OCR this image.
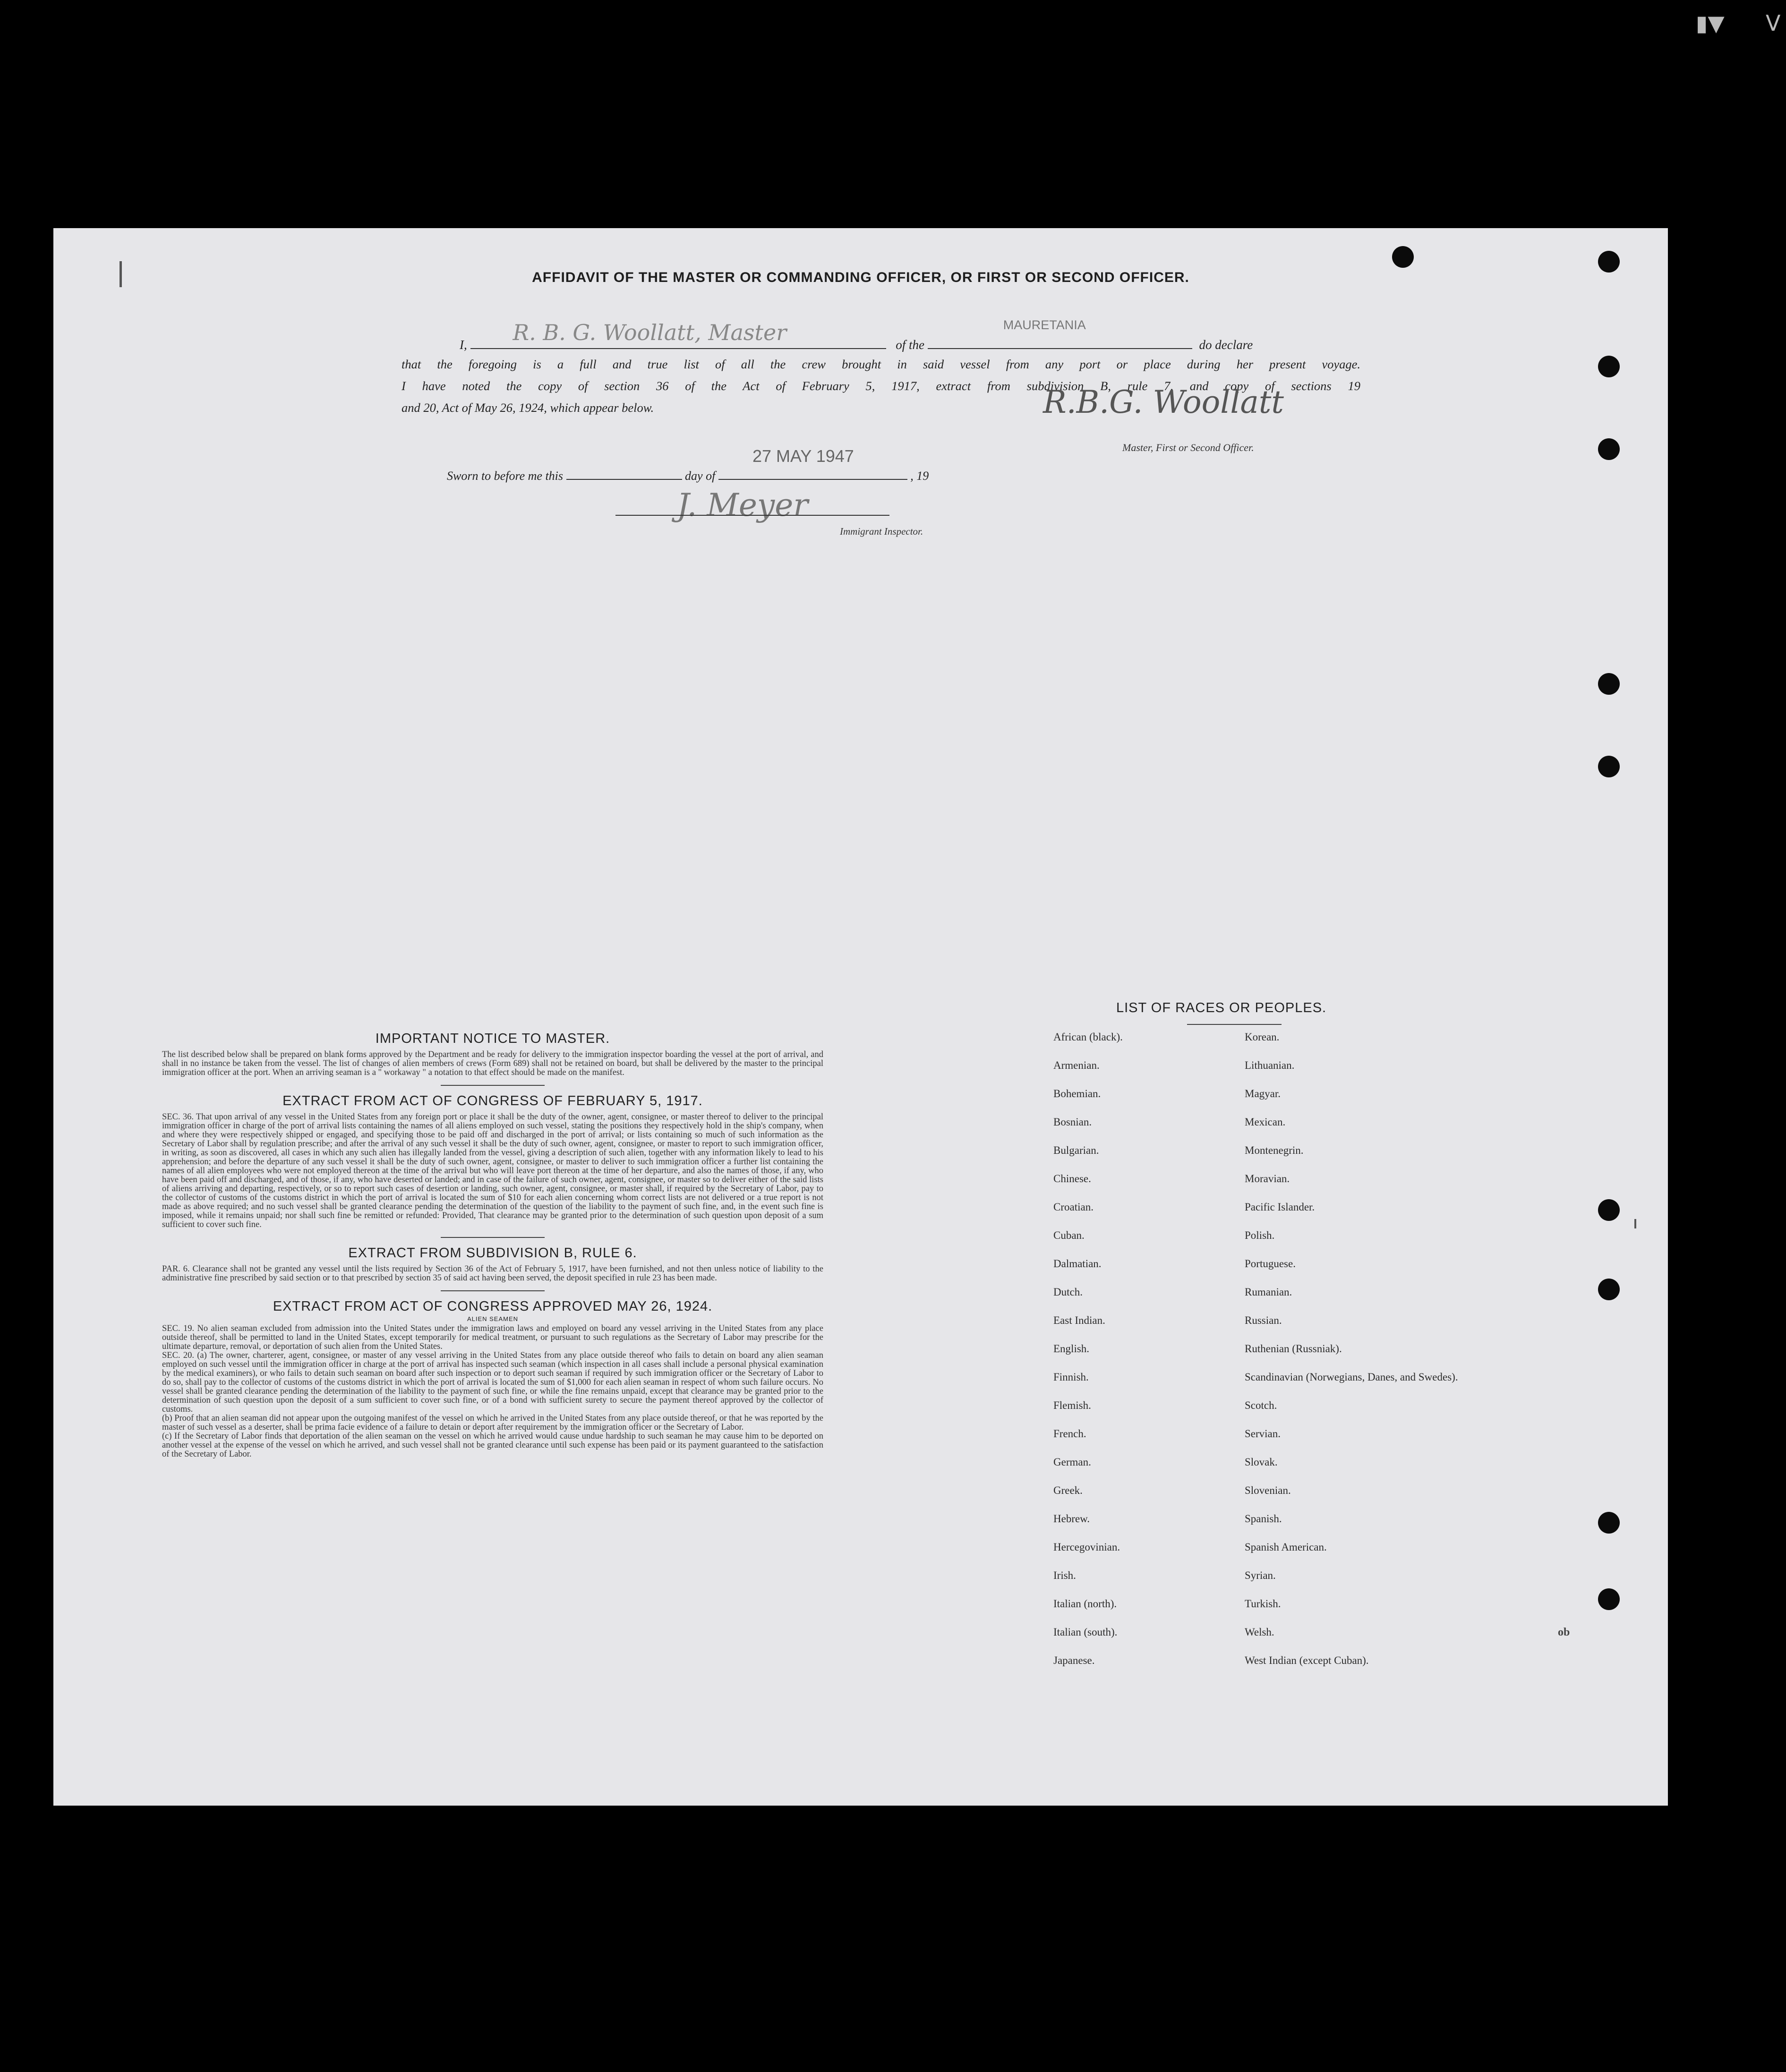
▮▼ V
ob
AFFIDAVIT OF THE MASTER OR COMMANDING OFFICER, OR FIRST OR SECOND OFFICER.
I, R. B. G. Woollatt, Master	of the
MAURETANIA
do declare
that the foregoing is a full and true list of all the crew brought in said vessel from any port or place during her present voyage.
I have noted the copy of section 36 of the Act of February 5, 1917, extract from subdivision B, rule 7, and copy of sections 19
and 20, Act of May 26, 1924, which appear below.	R.B.G. Woollatt
Master, First or Second Officer.
27 MAY 1947
Sworn to before me this	day of	, 19
J. Meyer
Immigrant Inspector.
IMPORTANT NOTICE TO MASTER.
The list described below shall be prepared on blank forms approved by the Department and be ready for delivery to the immigration inspector boarding the vessel at the port of arrival, and shall in no instance be taken from the vessel. The list of changes of alien members of crews (Form 689) shall not be retained on board, but shall be delivered by the master to the principal immigration officer at the port. When an arriving seaman is a " workaway " a notation to that effect should be made on the manifest.
EXTRACT FROM ACT OF CONGRESS OF FEBRUARY 5, 1917.
SEC. 36. That upon arrival of any vessel in the United States from any foreign port or place it shall be the duty of the owner, agent, consignee, or master thereof to deliver to the principal immigration officer in charge of the port of arrival lists containing the names of all aliens employed on such vessel, stating the positions they respectively hold in the ship's company, when and where they were respectively shipped or engaged, and specifying those to be paid off and discharged in the port of arrival; or lists containing so much of such information as the Secretary of Labor shall by regulation prescribe; and after the arrival of any such vessel it shall be the duty of such owner, agent, consignee, or master to report to such immigration officer, in writing, as soon as discovered, all cases in which any such alien has illegally landed from the vessel, giving a description of such alien, together with any information likely to lead to his apprehension; and before the departure of any such vessel it shall be the duty of such owner, agent, consignee, or master to deliver to such immigration officer a further list containing the names of all alien employees who were not employed thereon at the time of the arrival but who will leave port thereon at the time of her departure, and also the names of those, if any, who have been paid off and discharged, and of those, if any, who have deserted or landed; and in case of the failure of such owner, agent, consignee, or master so to deliver either of the said lists of aliens arriving and departing, respectively, or so to report such cases of desertion or landing, such owner, agent, consignee, or master shall, if required by the Secretary of Labor, pay to the collector of customs of the customs district in which the port of arrival is located the sum of $10 for each alien concerning whom correct lists are not delivered or a true report is not made as above required; and no such vessel shall be granted clearance pending the determination of the question of the liability to the payment of such fine, and, in the event such fine is imposed, while it remains unpaid; nor shall such fine be remitted or refunded: Provided, That clearance may be granted prior to the determination of such question upon deposit of a sum sufficient to cover such fine.
EXTRACT FROM SUBDIVISION B, RULE 6.
PAR. 6. Clearance shall not be granted any vessel until the lists required by Section 36 of the Act of February 5, 1917, have been furnished, and not then unless notice of liability to the administrative fine prescribed by said section or to that prescribed by section 35 of said act having been served, the deposit specified in rule 23 has been made.
EXTRACT FROM ACT OF CONGRESS APPROVED MAY 26, 1924.
ALIEN SEAMEN
SEC. 19. No alien seaman excluded from admission into the United States under the immigration laws and employed on board any vessel arriving in the United States from any place outside thereof, shall be permitted to land in the United States, except temporarily for medical treatment, or pursuant to such regulations as the Secretary of Labor may prescribe for the ultimate departure, removal, or deportation of such alien from the United States.
SEC. 20. (a) The owner, charterer, agent, consignee, or master of any vessel arriving in the United States from any place outside thereof who fails to detain on board any alien seaman employed on such vessel until the immigration officer in charge at the port of arrival has inspected such seaman (which inspection in all cases shall include a personal physical examination by the medical examiners), or who fails to detain such seaman on board after such inspection or to deport such seaman if required by such immigration officer or the Secretary of Labor to do so, shall pay to the collector of customs of the customs district in which the port of arrival is located the sum of $1,000 for each alien seaman in respect of whom such failure occurs. No vessel shall be granted clearance pending the determination of the liability to the payment of such fine, or while the fine remains unpaid, except that clearance may be granted prior to the determination of such question upon the deposit of a sum sufficient to cover such fine, or of a bond with sufficient surety to secure the payment thereof approved by the collector of customs.
(b) Proof that an alien seaman did not appear upon the outgoing manifest of the vessel on which he arrived in the United States from any place outside thereof, or that he was reported by the master of such vessel as a deserter, shall be prima facie evidence of a failure to detain or deport after requirement by the immigration officer or the Secretary of Labor.
(c) If the Secretary of Labor finds that deportation of the alien seaman on the vessel on which he arrived would cause undue hardship to such seaman he may cause him to be deported on another vessel at the expense of the vessel on which he arrived, and such vessel shall not be granted clearance until such expense has been paid or its payment guaranteed to the satisfaction of the Secretary of Labor.
LIST OF RACES OR PEOPLES.
African (black).	Korean.
Armenian.	Lithuanian.
Bohemian.	Magyar.
Bosnian.	Mexican.
Bulgarian.	Montenegrin.
Chinese.	Moravian.
Croatian.	Pacific Islander.
Cuban.	Polish.
Dalmatian.	Portuguese.
Dutch.	Rumanian.
East Indian.	Russian.
English.	Ruthenian (Russniak).
Finnish.	Scandinavian (Norwegians, Danes, and Swedes).
Flemish.	Scotch.
French.	Servian.
German.	Slovak.
Greek.	Slovenian.
Hebrew.	Spanish.
Hercegovinian.	Spanish American.
Irish.	Syrian.
Italian (north).	Turkish.
Italian (south).	Welsh.
Japanese.	West Indian (except Cuban).
